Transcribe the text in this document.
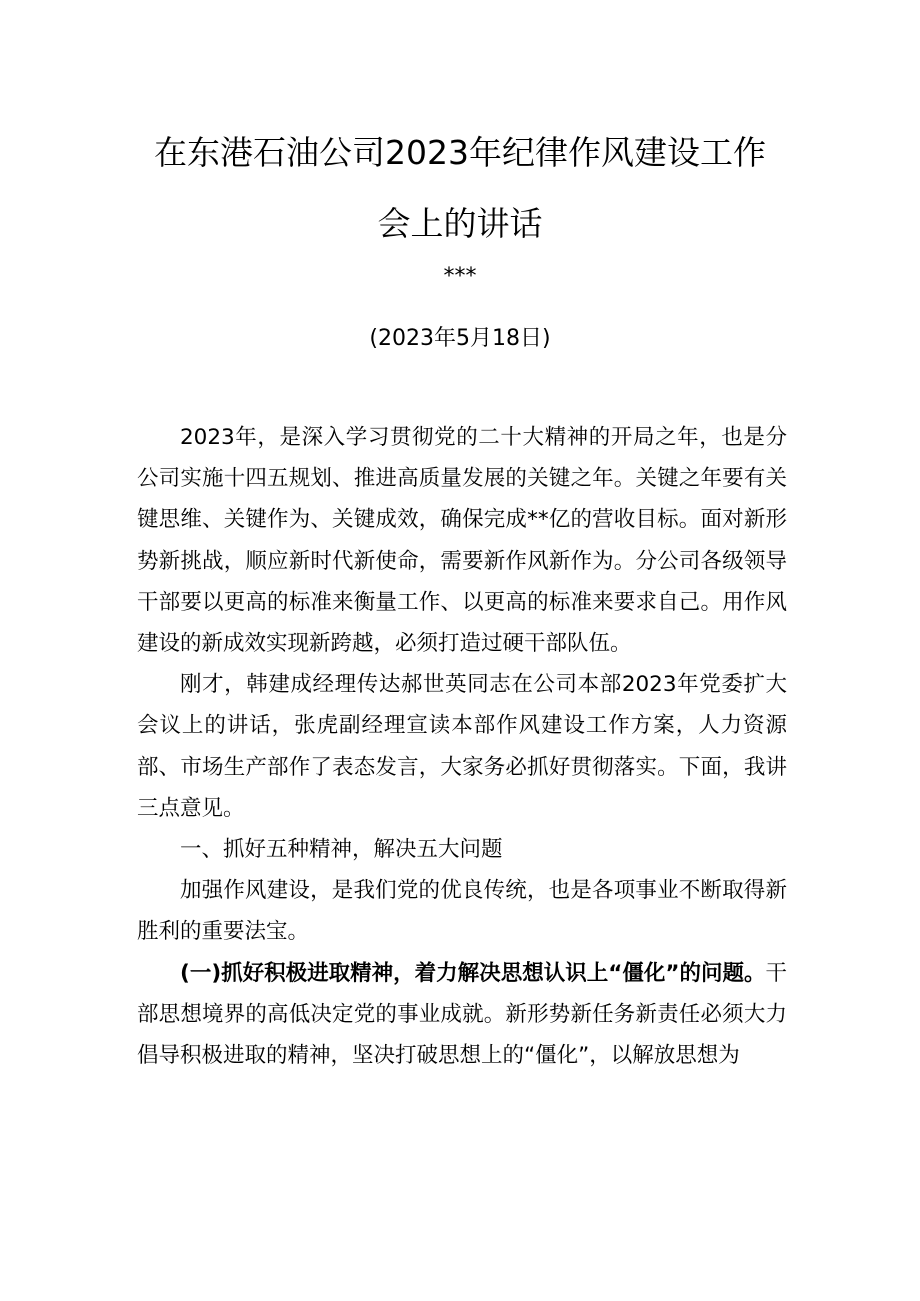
在东港石油公司2023年纪律作风建设工作
会上的讲话
***
(2023年5月18日)

2023年，是深入学习贯彻党的二十大精神的开局之年，也是分公司实施十四五规划、推进高质量发展的关键之年。关键之年要有关键思维、关键作为、关键成效，确保完成**亿的营收目标。面对新形势新挑战，顺应新时代新使命，需要新作风新作为。分公司各级领导干部要以更高的标准来衡量工作、以更高的标准来要求自己。用作风建设的新成效实现新跨越，必须打造过硬干部队伍。

刚才，韩建成经理传达郝世英同志在公司本部2023年党委扩大会议上的讲话，张虎副经理宣读本部作风建设工作方案，人力资源部、市场生产部作了表态发言，大家务必抓好贯彻落实。下面，我讲三点意见。

一、抓好五种精神，解决五大问题

加强作风建设，是我们党的优良传统，也是各项事业不断取得新胜利的重要法宝。

(一)抓好积极进取精神，着力解决思想认识上“僵化”的问题。干部思想境界的高低决定党的事业成就。新形势新任务新责任必须大力倡导积极进取的精神，坚决打破思想上的“僵化”，以解放思想为
